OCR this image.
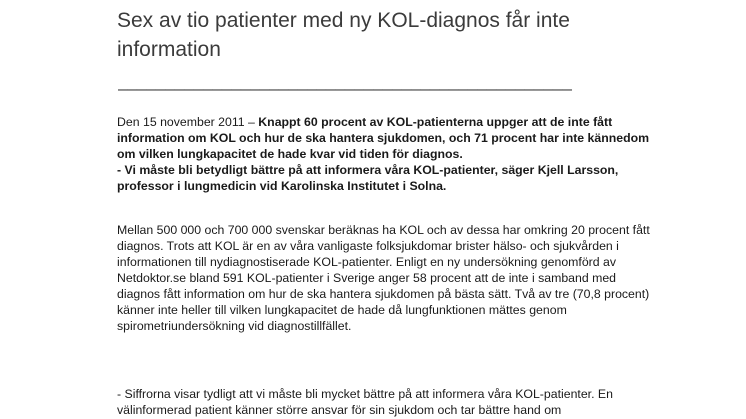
Sex av tio patienter med ny KOL-diagnos får inte information
________________________________________________

Den 15 november 2011 – Knappt 60 procent av KOL-patienterna uppger att de inte fått information om KOL och hur de ska hantera sjukdomen, och 71 procent har inte kännedom om vilken lungkapacitet de hade kvar vid tiden för diagnos.
- Vi måste bli betydligt bättre på att informera våra KOL-patienter, säger Kjell Larsson, professor i lungmedicin vid Karolinska Institutet i Solna.

Mellan 500 000 och 700 000 svenskar beräknas ha KOL och av dessa har omkring 20 procent fått diagnos. Trots att KOL är en av våra vanligaste folksjukdomar brister hälso- och sjukvården i informationen till nydiagnostiserade KOL-patienter. Enligt en ny undersökning genomförd av Netdoktor.se bland 591 KOL-patienter i Sverige anger 58 procent att de inte i samband med diagnos fått information om hur de ska hantera sjukdomen på bästa sätt. Två av tre (70,8 procent) känner inte heller till vilken lungkapacitet de hade då lungfunktionen mättes genom spirometriundersökning vid diagnostillfället.

- Siffrorna visar tydligt att vi måste bli mycket bättre på att informera våra KOL-patienter. En välinformerad patient känner större ansvar för sin sjukdom och tar bättre hand om
